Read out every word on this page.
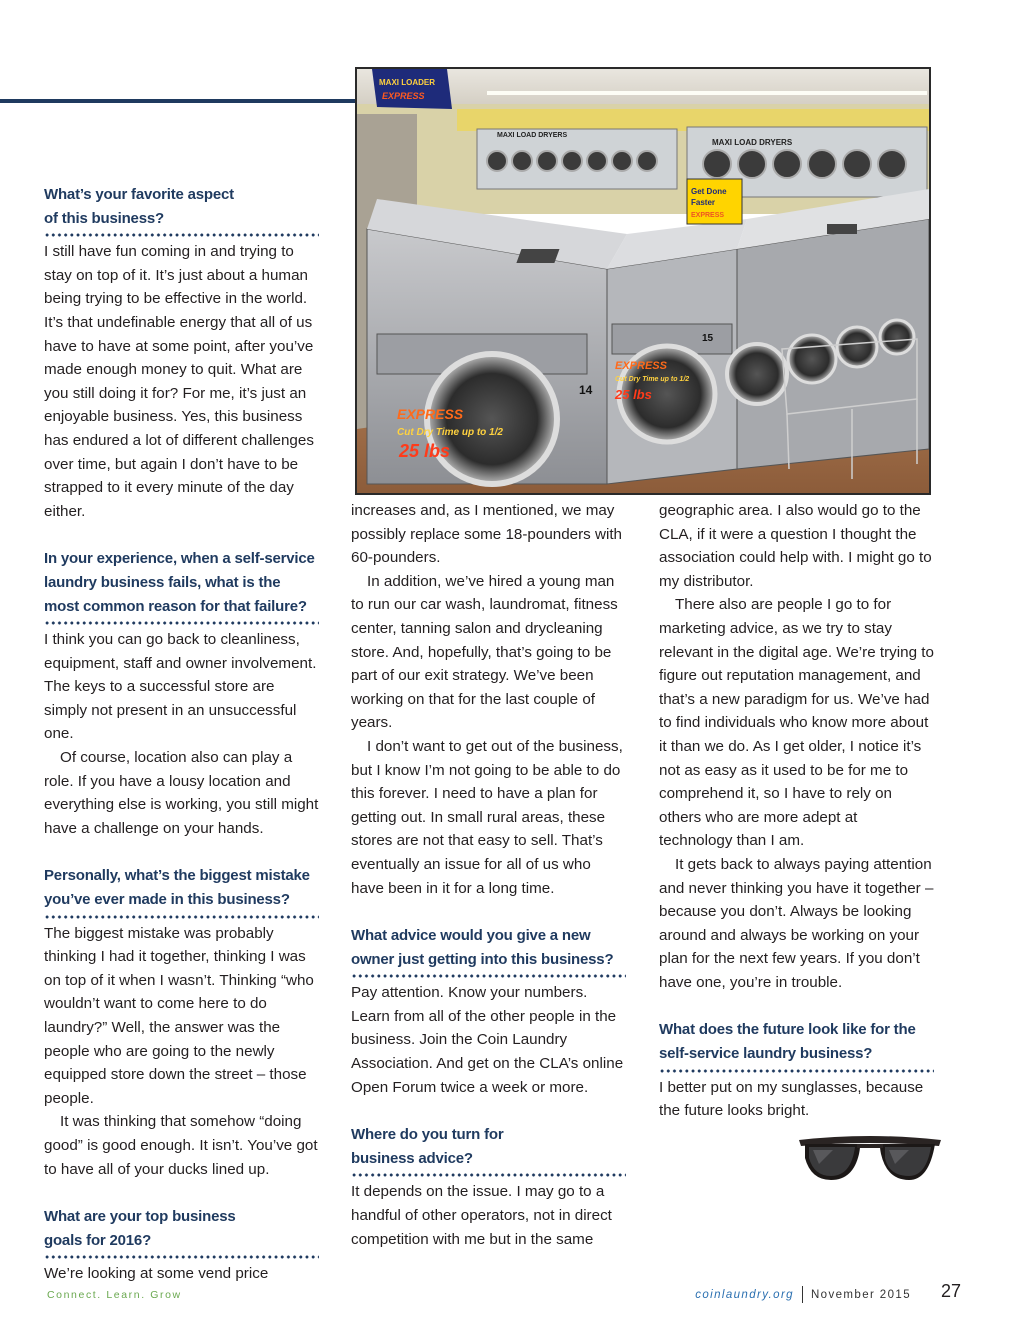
MAXI LOADER
EXPRESS
MAXI LOAD DRYERS
MAXI LOAD DRYERS
EXPRESS
Cut Dry Time up to 1/2
25 lbs
EXPRESS
Cut Dry Time up to 1/2
25 lbs
14
15
Get Done
Faster
EXPRESS
What’s your favorite aspect
of this business?

I still have fun coming in and trying to stay on top of it. It’s just about a human being trying to be effective in the world. It’s that undefinable energy that all of us have to have at some point, after you’ve made enough money to quit. What are you still doing it for? For me, it’s just an enjoyable business. Yes, this business has endured a lot of different challenges over time, but again I don’t have to be strapped to it every minute of the day either.

In your experience, when a self-service
laundry business fails, what is the
most common reason for that failure?

I think you can go back to cleanliness, equipment, staff and owner involvement. The keys to a successful store are simply not present in an unsuccessful one.

Of course, location also can play a role. If you have a lousy location and everything else is working, you still might have a challenge on your hands.

Personally, what’s the biggest mistake
you’ve ever made in this business?

The biggest mistake was probably thinking I had it together, thinking I was on top of it when I wasn’t. Thinking “who wouldn’t want to come here to do laundry?” Well, the answer was the people who are going to the newly equipped store down the street – those people.

It was thinking that somehow “doing good” is good enough. It isn’t. You’ve got to have all of your ducks lined up.

What are your top business
goals for 2016?

We’re looking at some vend price

increases and, as I mentioned, we may possibly replace some 18-pounders with 60-pounders.

In addition, we’ve hired a young man to run our car wash, laundromat, fitness center, tanning salon and drycleaning store. And, hopefully, that’s going to be part of our exit strategy. We’ve been working on that for the last couple of years.

I don’t want to get out of the business, but I know I’m not going to be able to do this forever. I need to have a plan for getting out. In small rural areas, these stores are not that easy to sell. That’s eventually an issue for all of us who have been in it for a long time.

What advice would you give a new
owner just getting into this business?

Pay attention. Know your numbers. Learn from all of the other people in the business. Join the Coin Laundry Association. And get on the CLA’s online Open Forum twice a week or more.

Where do you turn for
business advice?

It depends on the issue. I may go to a handful of other operators, not in direct competition with me but in the same

geographic area. I also would go to the CLA, if it were a question I thought the association could help with. I might go to my distributor.

There also are people I go to for marketing advice, as we try to stay relevant in the digital age. We’re trying to figure out reputation management, and that’s a new paradigm for us. We’ve had to find individuals who know more about it than we do. As I get older, I notice it’s not as easy as it used to be for me to comprehend it, so I have to rely on others who are more adept at technology than I am.

It gets back to always paying attention and never thinking you have it together – because you don’t. Always be looking around and always be working on your plan for the next few years. If you don’t have one, you’re in trouble.

What does the future look like for the
self-service laundry business?

I better put on my sunglasses, because the future looks bright.

Connect. Learn. Grow	coinlaundry.org November 2015 27
